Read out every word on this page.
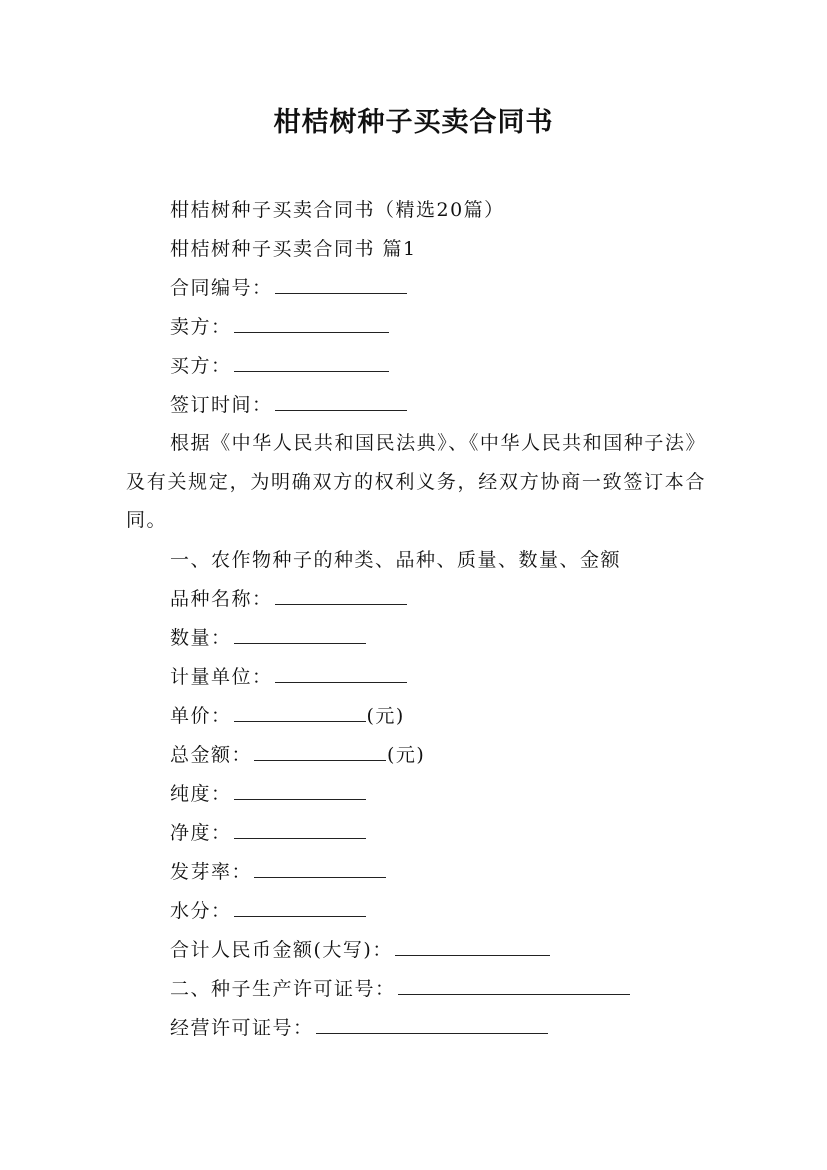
柑桔树种子买卖合同书
柑桔树种子买卖合同书（精选20篇）
柑桔树种子买卖合同书 篇1
合同编号：
卖方：
买方：
签订时间：
根据《中华人民共和国民法典》、《中华人民共和国种子法》及有关规定，为明确双方的权利义务，经双方协商一致签订本合同。
一、农作物种子的种类、品种、质量、数量、金额
品种名称：
数量：
计量单位：
单价：	(元)
总金额：	(元)
纯度：
净度：
发芽率：
水分：
合计人民币金额(大写)：
二、种子生产许可证号：
经营许可证号：
